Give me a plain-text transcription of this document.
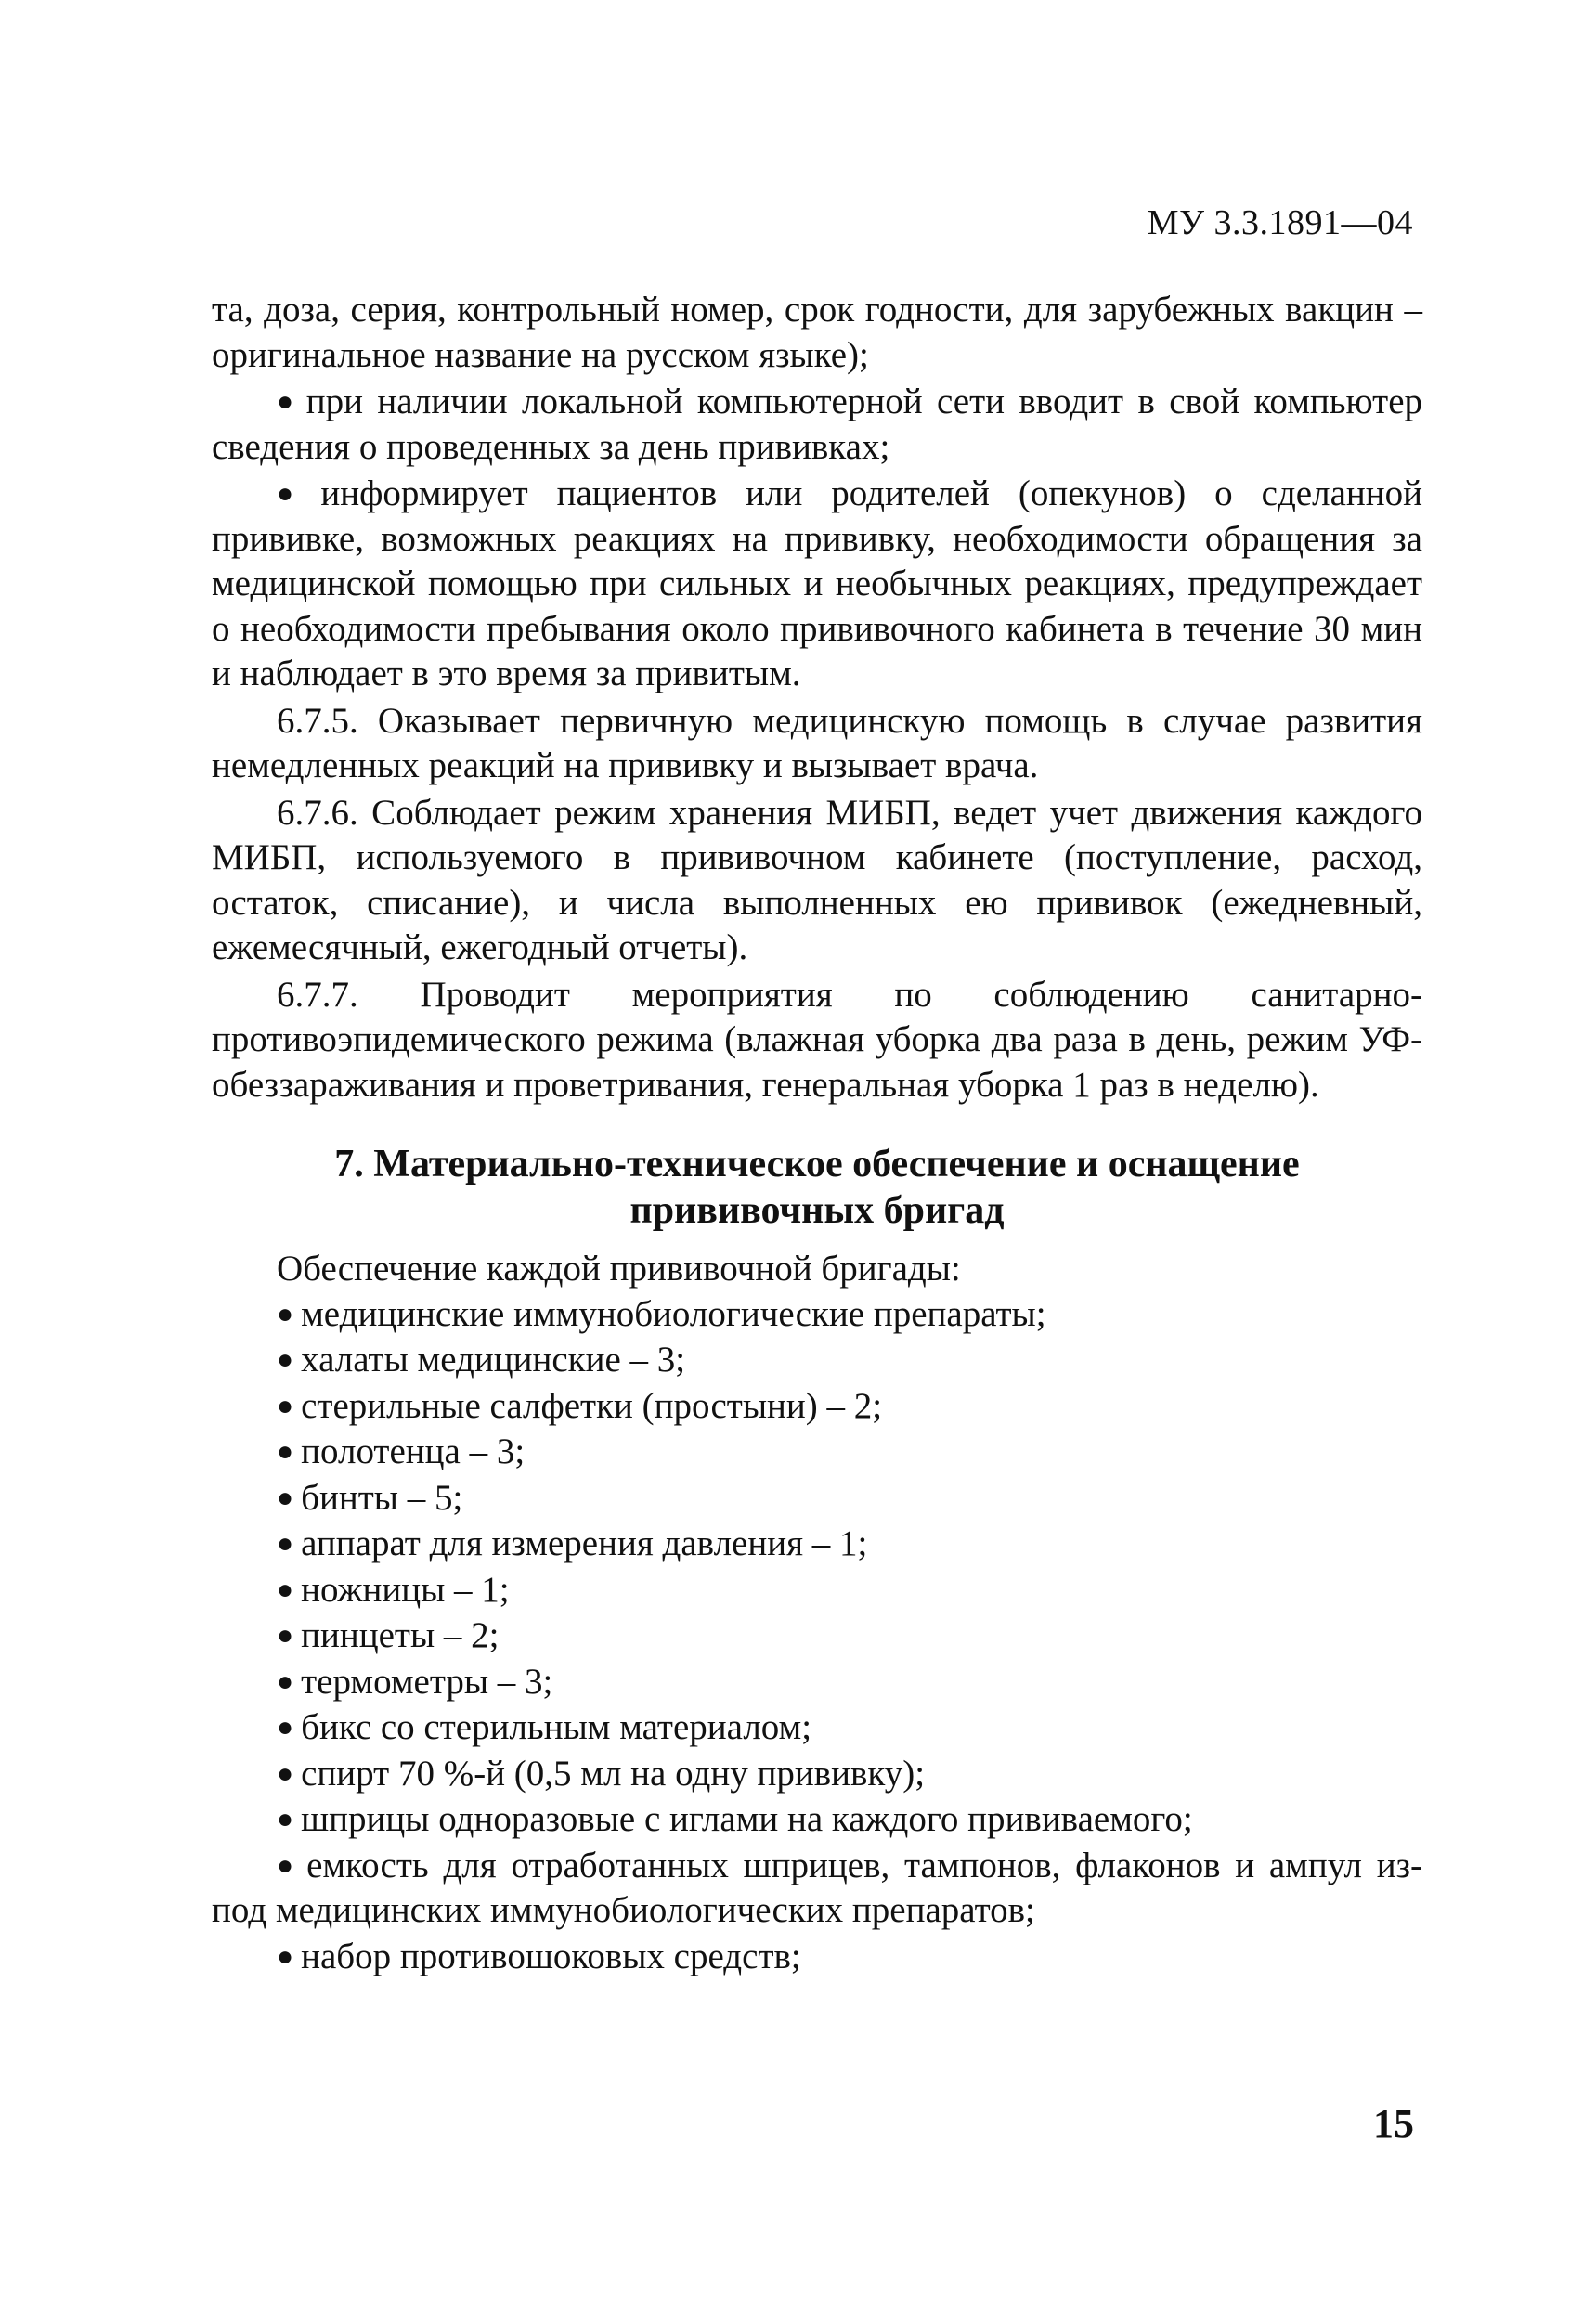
МУ 3.3.1891—04

та, доза, серия, контрольный номер, срок годности, для зарубежных вакцин – оригинальное название на русском языке);

● при наличии локальной компьютерной сети вводит в свой компьютер сведения о проведенных за день прививках;

● информирует пациентов или родителей (опекунов) о сделанной прививке, возможных реакциях на прививку, необходимости обращения за медицинской помощью при сильных и необычных реакциях, предупреждает о необходимости пребывания около прививочного кабинета в течение 30 мин и наблюдает в это время за привитым.

6.7.5. Оказывает первичную медицинскую помощь в случае развития немедленных реакций на прививку и вызывает врача.

6.7.6. Соблюдает режим хранения МИБП, ведет учет движения каждого МИБП, используемого в прививочном кабинете (поступление, расход, остаток, списание), и числа выполненных ею прививок (ежедневный, ежемесячный, ежегодный отчеты).

6.7.7. Проводит мероприятия по соблюдению санитарно-противоэпидемического режима (влажная уборка два раза в день, режим УФ-обеззараживания и проветривания, генеральная уборка 1 раз в неделю).

7. Материально-техническое обеспечение и оснащение
прививочных бригад

Обеспечение каждой прививочной бригады:

● медицинские иммунобиологические препараты;
● халаты медицинские – 3;
● стерильные салфетки (простыни) – 2;
● полотенца – 3;
● бинты – 5;
● аппарат для измерения давления – 1;
● ножницы – 1;
● пинцеты – 2;
● термометры – 3;
● бикс со стерильным материалом;
● спирт 70 %-й (0,5 мл на одну прививку);
● шприцы одноразовые с иглами на каждого прививаемого;
● емкость для отработанных шприцев, тампонов, флаконов и ампул из-под медицинских иммунобиологических препаратов;
● набор противошоковых средств;
15
